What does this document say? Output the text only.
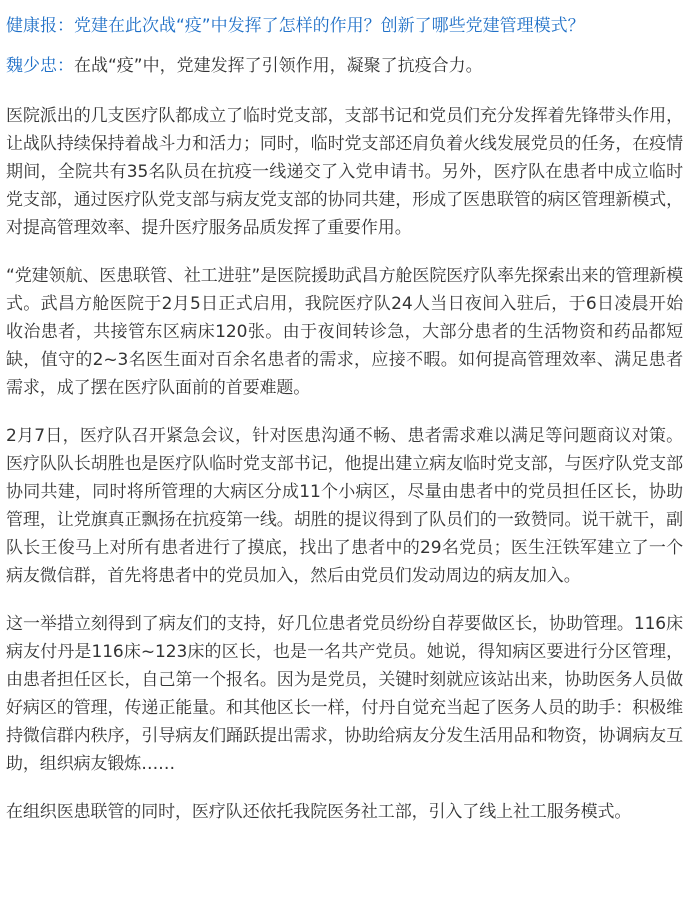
健康报：党建在此次战“疫”中发挥了怎样的作用？创新了哪些党建管理模式？

魏少忠：在战“疫”中，党建发挥了引领作用，凝聚了抗疫合力。

医院派出的几支医疗队都成立了临时党支部，支部书记和党员们充分发挥着先锋带头作用，让战队持续保持着战斗力和活力；同时，临时党支部还肩负着火线发展党员的任务，在疫情期间，全院共有35名队员在抗疫一线递交了入党申请书。另外，医疗队在患者中成立临时党支部，通过医疗队党支部与病友党支部的协同共建，形成了医患联管的病区管理新模式，对提高管理效率、提升医疗服务品质发挥了重要作用。

“党建领航、医患联管、社工进驻”是医院援助武昌方舱医院医疗队率先探索出来的管理新模式。武昌方舱医院于2月5日正式启用，我院医疗队24人当日夜间入驻后，于6日凌晨开始收治患者，共接管东区病床120张。由于夜间转诊急，大部分患者的生活物资和药品都短缺，值守的2~3名医生面对百余名患者的需求，应接不暇。如何提高管理效率、满足患者需求，成了摆在医疗队面前的首要难题。

2月7日，医疗队召开紧急会议，针对医患沟通不畅、患者需求难以满足等问题商议对策。医疗队队长胡胜也是医疗队临时党支部书记，他提出建立病友临时党支部，与医疗队党支部协同共建，同时将所管理的大病区分成11个小病区，尽量由患者中的党员担任区长，协助管理，让党旗真正飘扬在抗疫第一线。胡胜的提议得到了队员们的一致赞同。说干就干，副队长王俊马上对所有患者进行了摸底，找出了患者中的29名党员；医生汪铁军建立了一个病友微信群，首先将患者中的党员加入，然后由党员们发动周边的病友加入。

这一举措立刻得到了病友们的支持，好几位患者党员纷纷自荐要做区长，协助管理。116床病友付丹是116床~123床的区长，也是一名共产党员。她说，得知病区要进行分区管理，由患者担任区长，自己第一个报名。因为是党员，关键时刻就应该站出来，协助医务人员做好病区的管理，传递正能量。和其他区长一样，付丹自觉充当起了医务人员的助手：积极维持微信群内秩序，引导病友们踊跃提出需求，协助给病友分发生活用品和物资，协调病友互助，组织病友锻炼……

在组织医患联管的同时，医疗队还依托我院医务社工部，引入了线上社工服务模式。
